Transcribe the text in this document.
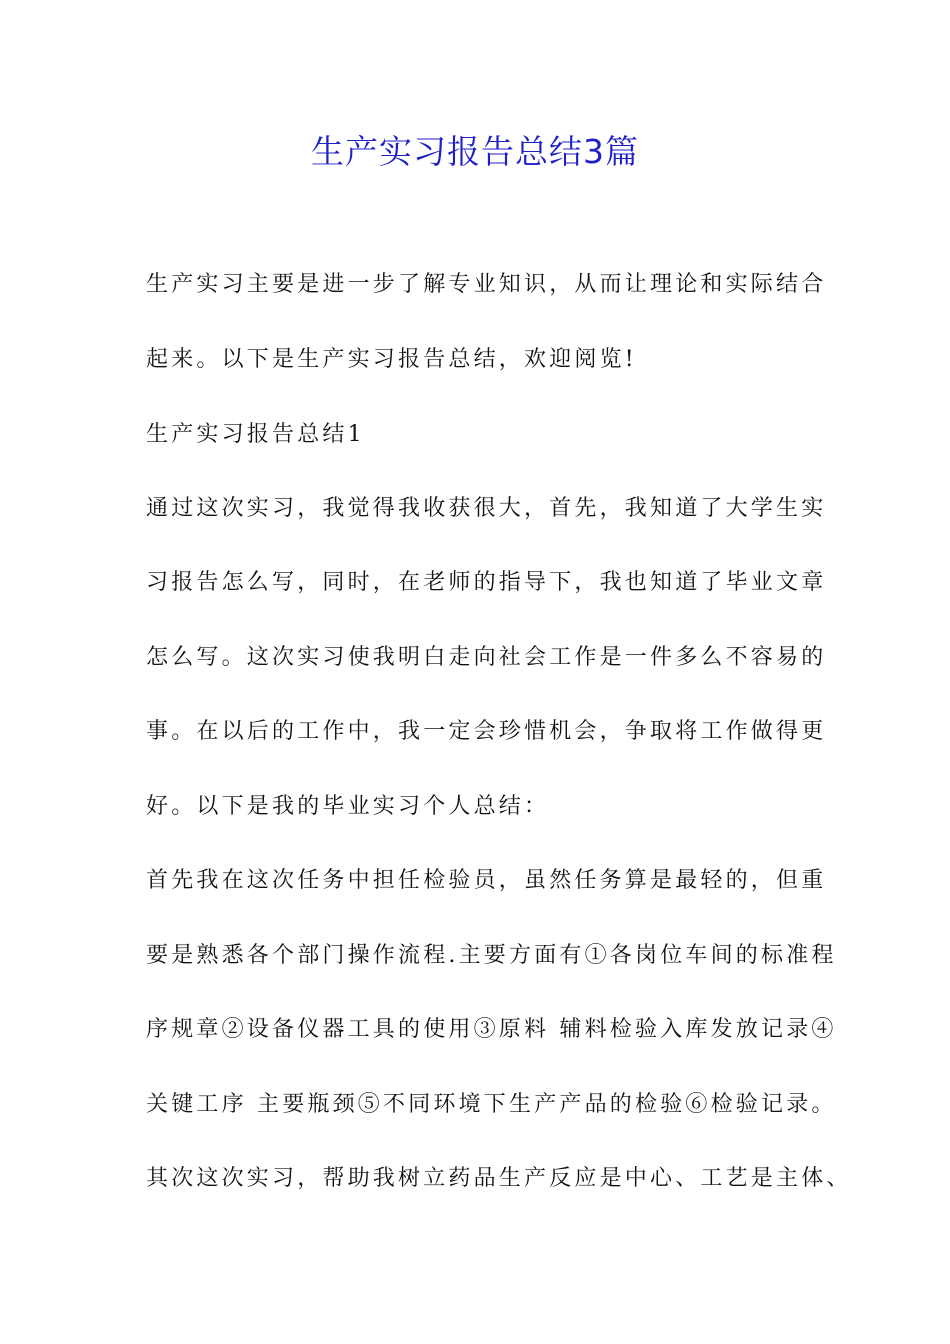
生产实习报告总结3篇
生产实习主要是进一步了解专业知识，从而让理论和实际结合
起来。以下是生产实习报告总结，欢迎阅览!
生产实习报告总结1
通过这次实习，我觉得我收获很大，首先，我知道了大学生实
习报告怎么写，同时，在老师的指导下，我也知道了毕业文章
怎么写。这次实习使我明白走向社会工作是一件多么不容易的
事。在以后的工作中，我一定会珍惜机会，争取将工作做得更
好。以下是我的毕业实习个人总结：
首先我在这次任务中担任检验员，虽然任务算是最轻的，但重
要是熟悉各个部门操作流程.主要方面有①各岗位车间的标准程
序规章②设备仪器工具的使用③原料 辅料检验入库发放记录④
关键工序 主要瓶颈⑤不同环境下生产产品的检验⑥检验记录。
其次这次实习，帮助我树立药品生产反应是中心、工艺是主体、
